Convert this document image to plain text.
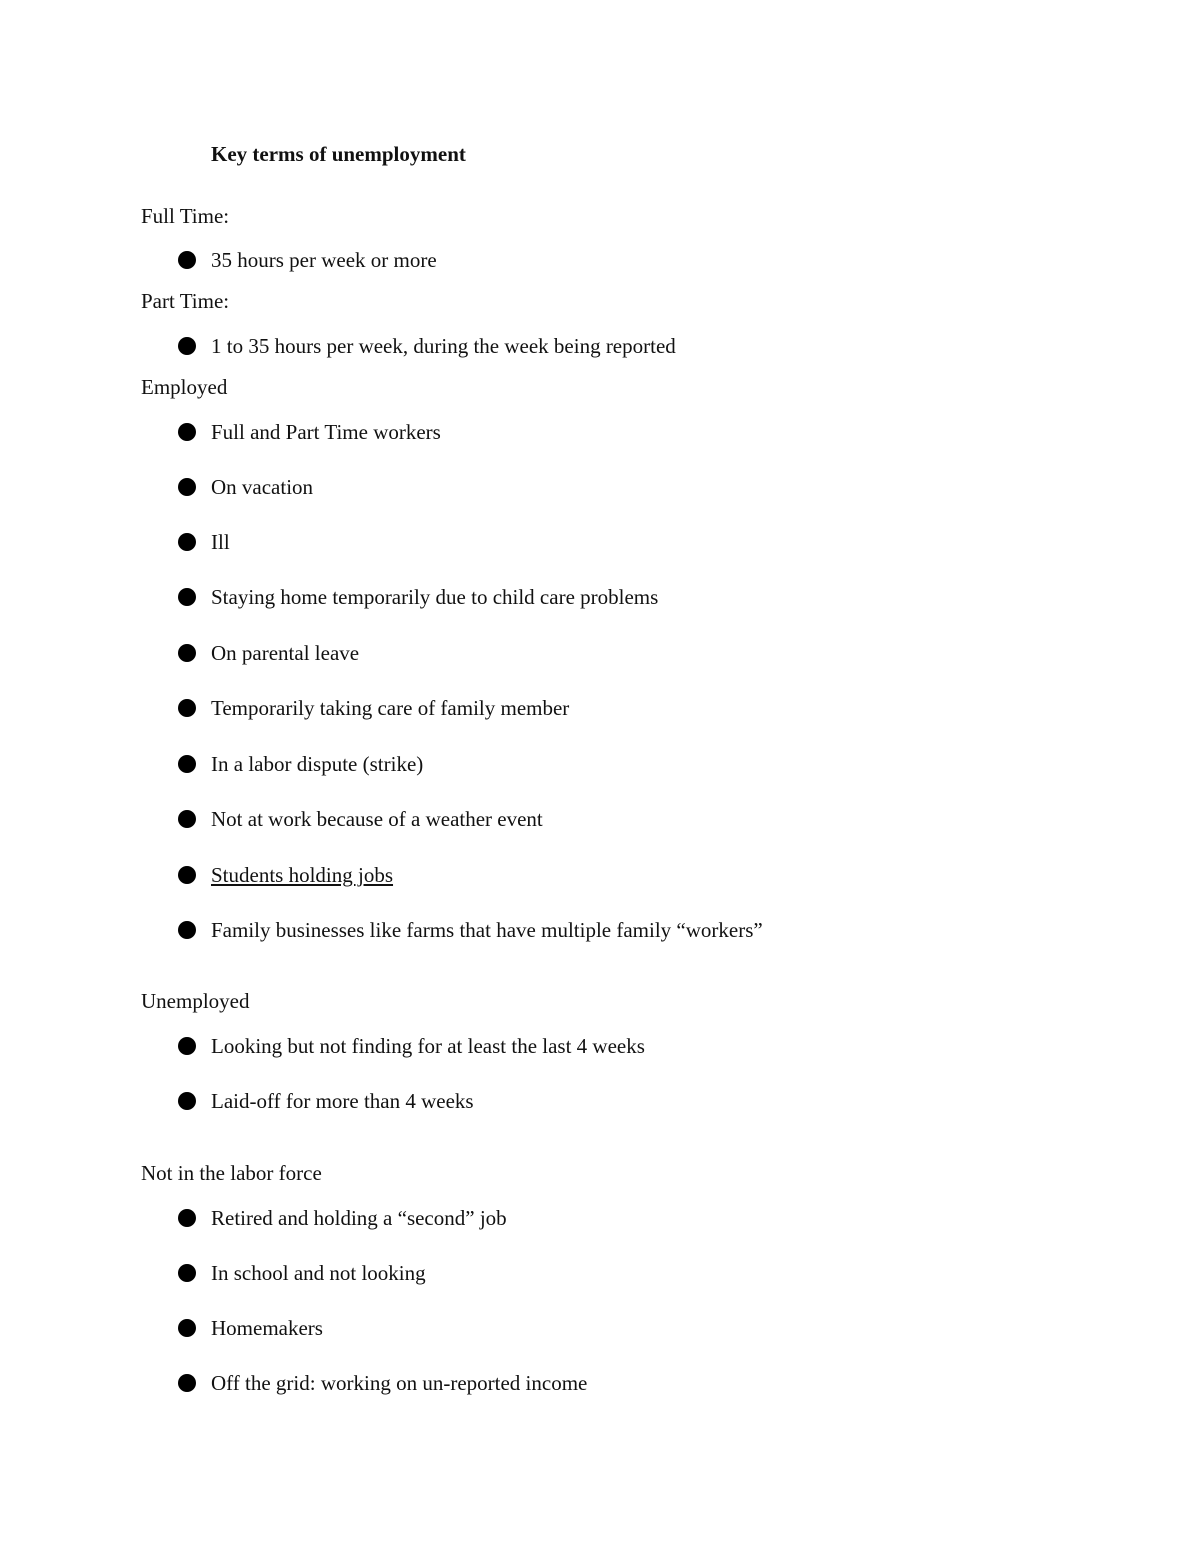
Key terms of unemployment
Full Time:
35 hours per week or more
Part Time:
1 to 35 hours per week, during the week being reported
Employed
Full and Part Time workers
On vacation
Ill
Staying home temporarily due to child care problems
On parental leave
Temporarily taking care of family member
In a labor dispute (strike)
Not at work because of a weather event
Students holding jobs
Family businesses like farms that have multiple family “workers”
Unemployed
Looking but not finding for at least the last 4 weeks
Laid-off for more than 4 weeks
Not in the labor force
Retired and holding a “second” job
In school and not looking
Homemakers
Off the grid: working on un-reported income
